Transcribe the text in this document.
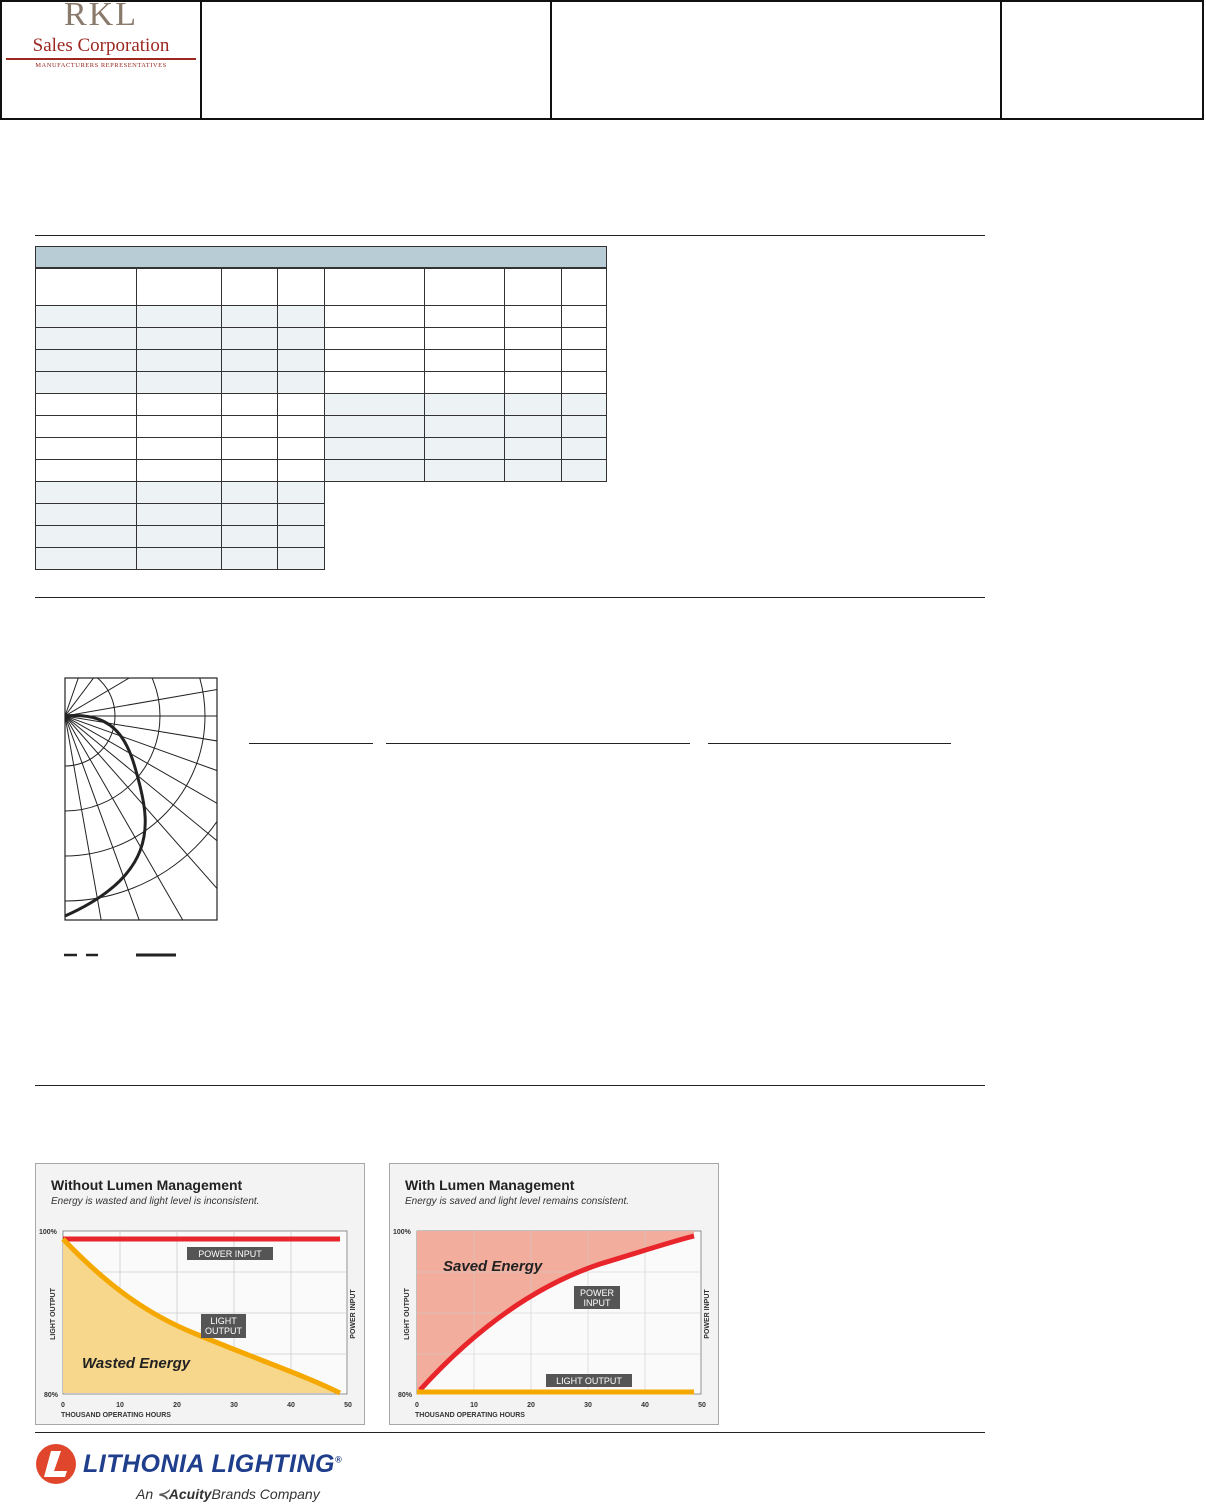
RKL
Sales Corporation
MANUFACTURERS REPRESENTATIVES

Without Lumen Management
Energy is wasted and light level is inconsistent.
POWER INPUT
LIGHT
OUTPUT
Wasted Energy
100%
80%
LIGHT OUTPUT	POWER INPUT
0	10	20	30	40	50
THOUSAND OPERATING HOURS
With Lumen Management
Energy is saved and light level remains consistent.
POWER
INPUT
LIGHT OUTPUT
Saved Energy
100%
80%
LIGHT OUTPUT	POWER INPUT
0	10	20	30	40	50
THOUSAND OPERATING HOURS
LITHONIA LIGHTING®
An ≺AcuityBrands Company
